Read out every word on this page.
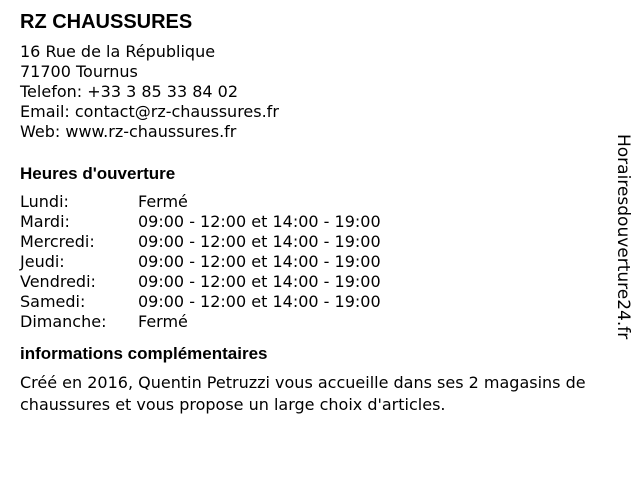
RZ CHAUSSURES
16 Rue de la République
71700 Tournus
Telefon: +33 3 85 33 84 02
Email: contact@rz-chaussures.fr
Web: www.rz-chaussures.fr
Heures d'ouverture
Lundi:	Fermé
Mardi:	09:00 - 12:00 et 14:00 - 19:00
Mercredi:	09:00 - 12:00 et 14:00 - 19:00
Jeudi:	09:00 - 12:00 et 14:00 - 19:00
Vendredi:	09:00 - 12:00 et 14:00 - 19:00
Samedi:	09:00 - 12:00 et 14:00 - 19:00
Dimanche:	Fermé
informations complémentaires

Créé en 2016, Quentin Petruzzi vous accueille dans ses 2 magasins de chaussures et vous propose un large choix d'articles.

Horairesdouverture24.fr
